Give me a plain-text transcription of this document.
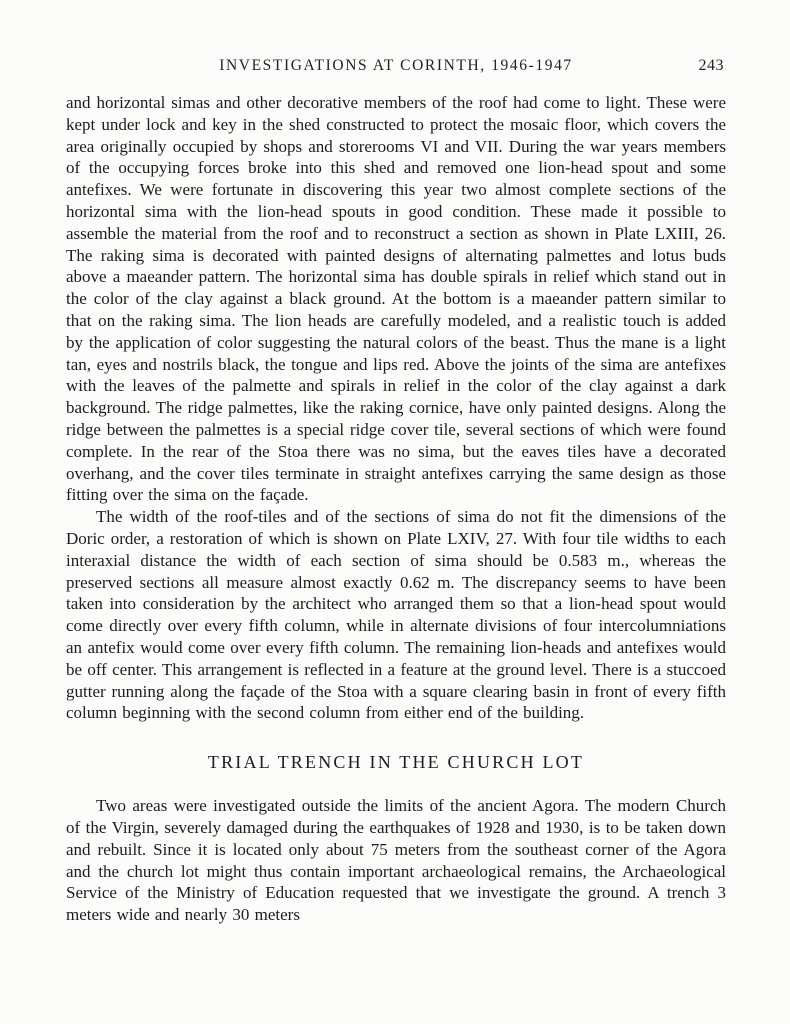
INVESTIGATIONS AT CORINTH, 1946-1947	243

and horizontal simas and other decorative members of the roof had come to light. These were kept under lock and key in the shed constructed to protect the mosaic floor, which covers the area originally occupied by shops and storerooms VI and VII. During the war years members of the occupying forces broke into this shed and removed one lion-head spout and some antefixes. We were fortunate in discovering this year two almost complete sections of the horizontal sima with the lion-head spouts in good condition. These made it possible to assemble the material from the roof and to reconstruct a section as shown in Plate LXIII, 26. The raking sima is decorated with painted designs of alternating palmettes and lotus buds above a maeander pattern. The horizontal sima has double spirals in relief which stand out in the color of the clay against a black ground. At the bottom is a maeander pattern similar to that on the raking sima. The lion heads are carefully modeled, and a realistic touch is added by the application of color suggesting the natural colors of the beast. Thus the mane is a light tan, eyes and nostrils black, the tongue and lips red. Above the joints of the sima are antefixes with the leaves of the palmette and spirals in relief in the color of the clay against a dark background. The ridge palmettes, like the raking cornice, have only painted designs. Along the ridge between the palmettes is a special ridge cover tile, several sections of which were found complete. In the rear of the Stoa there was no sima, but the eaves tiles have a decorated overhang, and the cover tiles terminate in straight antefixes carrying the same design as those fitting over the sima on the façade.

The width of the roof-tiles and of the sections of sima do not fit the dimensions of the Doric order, a restoration of which is shown on Plate LXIV, 27. With four tile widths to each interaxial distance the width of each section of sima should be 0.583 m., whereas the preserved sections all measure almost exactly 0.62 m. The discrepancy seems to have been taken into consideration by the architect who arranged them so that a lion-head spout would come directly over every fifth column, while in alternate divisions of four intercolumniations an antefix would come over every fifth column. The remaining lion-heads and antefixes would be off center. This arrangement is reflected in a feature at the ground level. There is a stuccoed gutter running along the façade of the Stoa with a square clearing basin in front of every fifth column beginning with the second column from either end of the building.

TRIAL TRENCH IN THE CHURCH LOT

Two areas were investigated outside the limits of the ancient Agora. The modern Church of the Virgin, severely damaged during the earthquakes of 1928 and 1930, is to be taken down and rebuilt. Since it is located only about 75 meters from the southeast corner of the Agora and the church lot might thus contain important archaeological remains, the Archaeological Service of the Ministry of Education requested that we investigate the ground. A trench 3 meters wide and nearly 30 meters
